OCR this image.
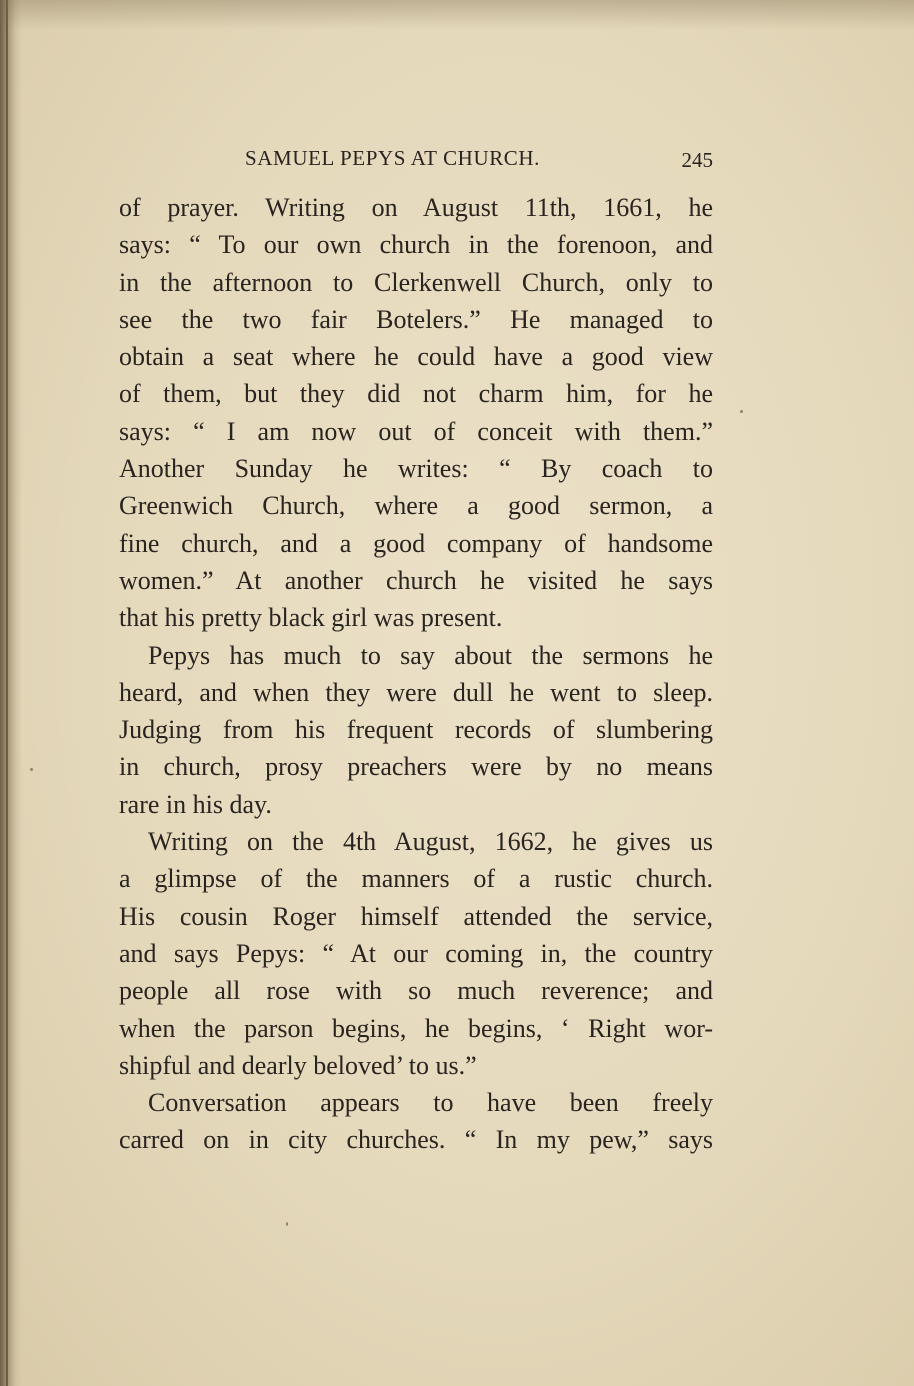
SAMUEL PEPYS AT CHURCH.	245
of prayer. Writing on August 11th, 1661, he
says: “ To our own church in the forenoon, and
in the afternoon to Clerkenwell Church, only to
see the two fair Botelers.” He managed to
obtain a seat where he could have a good view
of them, but they did not charm him, for he
says: “ I am now out of conceit with them.”
Another Sunday he writes: “ By coach to
Greenwich Church, where a good sermon, a
fine church, and a good company of handsome
women.” At another church he visited he says
that his pretty black girl was present.
Pepys has much to say about the sermons he
heard, and when they were dull he went to sleep.
Judging from his frequent records of slumbering
in church, prosy preachers were by no means
rare in his day.
Writing on the 4th August, 1662, he gives us
a glimpse of the manners of a rustic church.
His cousin Roger himself attended the service,
and says Pepys: “ At our coming in, the country
people all rose with so much reverence; and
when the parson begins, he begins, ‘ Right wor-
shipful and dearly beloved’ to us.”
Conversation appears to have been freely
carred on in city churches. “ In my pew,” says
